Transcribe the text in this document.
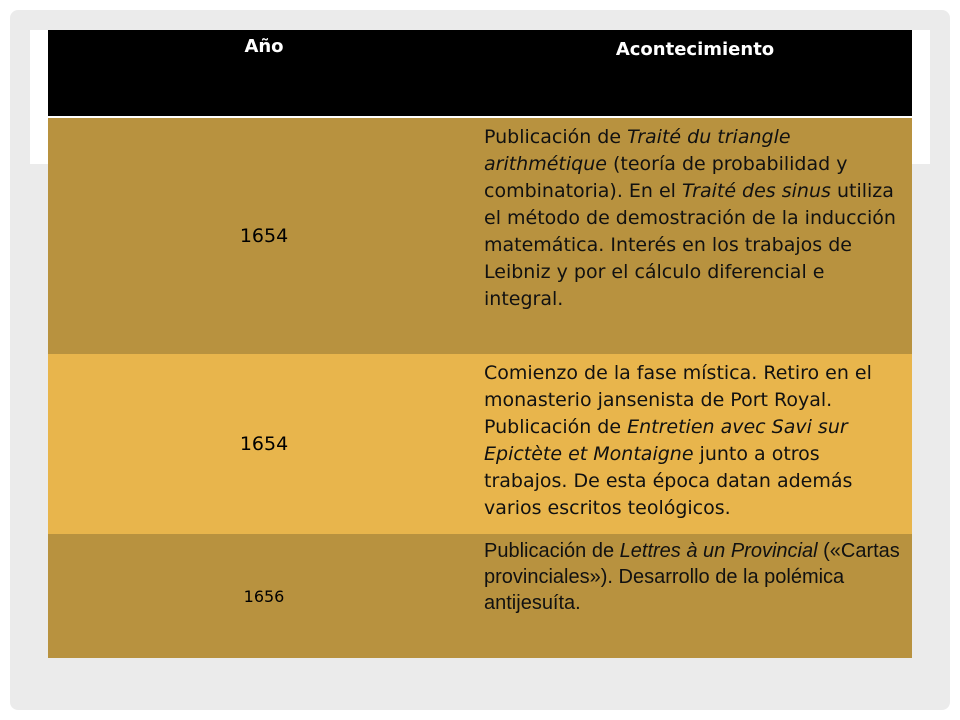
Año	Acontecimiento
1654
Publicación de Traité du triangle arithmétique (teoría de probabilidad y combinatoria). En el Traité des sinus utiliza el método de demostración de la inducción matemática. Interés en los trabajos de Leibniz y por el cálculo diferencial e integral.
1654
Comienzo de la fase mística. Retiro en el monasterio jansenista de Port Royal. Publicación de Entretien avec Savi sur Epictète et Montaigne junto a otros trabajos. De esta época datan además varios escritos teológicos.
1656
Publicación de Lettres à un Provincial («Cartas provinciales»). Desarrollo de la polémica antijesuíta.
